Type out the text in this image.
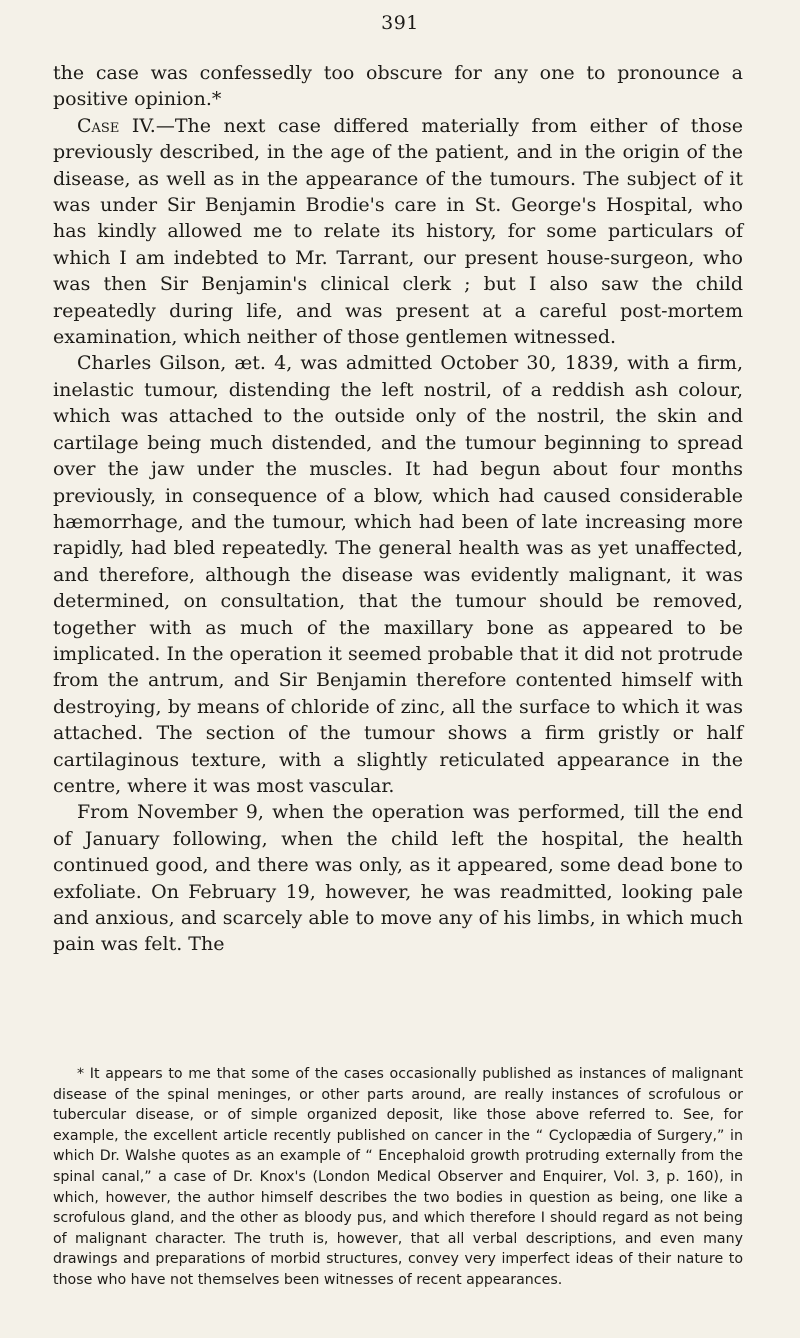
391

the case was confessedly too obscure for any one to pronounce a positive opinion.*

Case IV.—The next case differed materially from either of those previously described, in the age of the patient, and in the origin of the disease, as well as in the appearance of the tumours. The subject of it was under Sir Benjamin Brodie's care in St. George's Hospital, who has kindly allowed me to relate its history, for some particulars of which I am indebted to Mr. Tarrant, our present house-surgeon, who was then Sir Benjamin's clinical clerk ; but I also saw the child repeatedly during life, and was present at a careful post-mortem examination, which neither of those gentlemen witnessed.

Charles Gilson, æt. 4, was admitted October 30, 1839, with a firm, inelastic tumour, distending the left nostril, of a reddish ash colour, which was attached to the outside only of the nostril, the skin and cartilage being much distended, and the tumour beginning to spread over the jaw under the muscles. It had begun about four months previously, in consequence of a blow, which had caused considerable hæmorrhage, and the tumour, which had been of late increasing more rapidly, had bled repeatedly. The general health was as yet unaffected, and therefore, although the disease was evidently malignant, it was determined, on consultation, that the tumour should be removed, together with as much of the maxillary bone as appeared to be implicated. In the operation it seemed probable that it did not protrude from the antrum, and Sir Benjamin therefore contented himself with destroying, by means of chloride of zinc, all the surface to which it was attached. The section of the tumour shows a firm gristly or half cartilaginous texture, with a slightly reticulated appearance in the centre, where it was most vascular.

From November 9, when the operation was performed, till the end of January following, when the child left the hospital, the health continued good, and there was only, as it appeared, some dead bone to exfoliate. On February 19, however, he was readmitted, looking pale and anxious, and scarcely able to move any of his limbs, in which much pain was felt. The

* It appears to me that some of the cases occasionally published as instances of malignant disease of the spinal meninges, or other parts around, are really instances of scrofulous or tubercular disease, or of simple organized deposit, like those above referred to. See, for example, the excellent article recently published on cancer in the “ Cyclopædia of Surgery,” in which Dr. Walshe quotes as an example of “ Encephaloid growth protruding externally from the spinal canal,” a case of Dr. Knox's (London Medical Observer and Enquirer, Vol. 3, p. 160), in which, however, the author himself describes the two bodies in question as being, one like a scrofulous gland, and the other as bloody pus, and which therefore I should regard as not being of malignant character. The truth is, however, that all verbal descriptions, and even many drawings and preparations of morbid structures, convey very imperfect ideas of their nature to those who have not themselves been witnesses of recent appearances.
